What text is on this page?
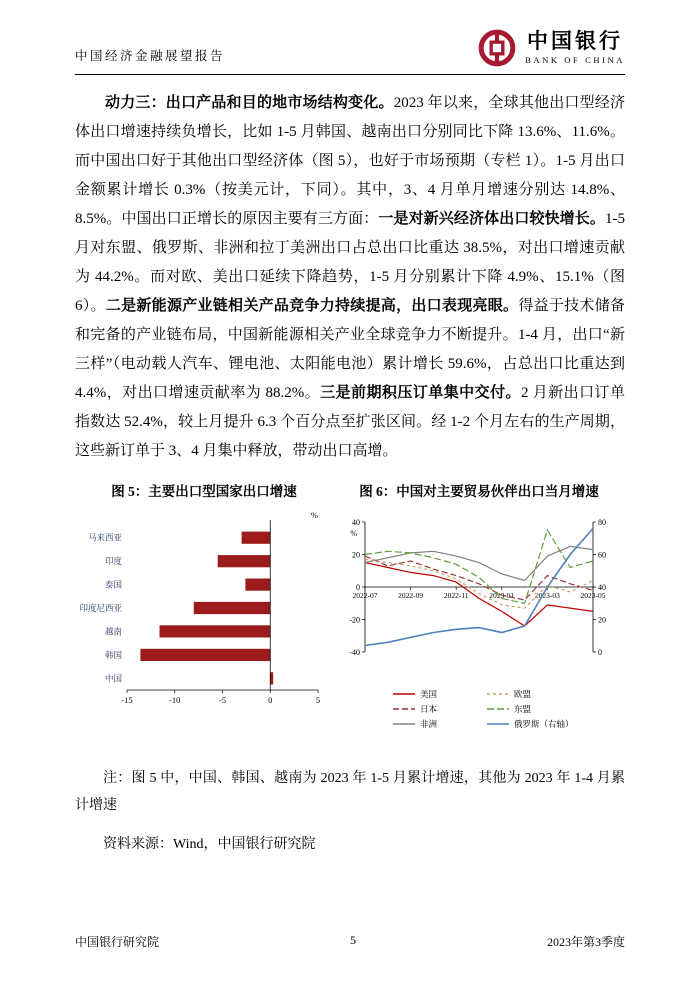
中国经济金融展望报告
中国银行
BANK OF CHINA

动力三：出口产品和目的地市场结构变化。2023 年以来，全球其他出口型经济体出口增速持续负增长，比如 1-5 月韩国、越南出口分别同比下降 13.6%、11.6%。而中国出口好于其他出口型经济体（图 5），也好于市场预期（专栏 1）。1-5 月出口金额累计增长 0.3%（按美元计，下同）。其中，3、4 月单月增速分别达 14.8%、8.5%。中国出口正增长的原因主要有三方面：一是对新兴经济体出口较快增长。1-5 月对东盟、俄罗斯、非洲和拉丁美洲出口占总出口比重达 38.5%，对出口增速贡献为 44.2%。而对欧、美出口延续下降趋势，1-5 月分别累计下降 4.9%、15.1%（图 6）。二是新能源产业链相关产品竞争力持续提高，出口表现亮眼。得益于技术储备和完备的产业链布局，中国新能源相关产业全球竞争力不断提升。1-4 月，出口“新三样”（电动载人汽车、锂电池、太阳能电池）累计增长 59.6%，占总出口比重达到 4.4%，对出口增速贡献率为 88.2%。三是前期积压订单集中交付。2 月新出口订单指数达 52.4%，较上月提升 6.3 个百分点至扩张区间。经 1-2 个月左右的生产周期，这些新订单于 3、4 月集中释放，带动出口高增。

图 5：主要出口型国家出口增速
马来西亚
印度
泰国
印度尼西亚
越南
韩国
中国
-15	-10	-5	0	5
%
图 6：中国对主要贸易伙伴出口当月增速
40
20
0
-20
-40
%
80
60
40
20
0
2022-07	2022-09	2022-11	2023-01	2023-03	2023-05
美国
日本
非洲
欧盟
东盟
俄罗斯（右轴）

注：图 5 中，中国、韩国、越南为 2023 年 1-5 月累计增速，其他为 2023 年 1-4 月累计增速

资料来源：Wind，中国银行研究院

中国银行研究院	5	2023年第3季度
